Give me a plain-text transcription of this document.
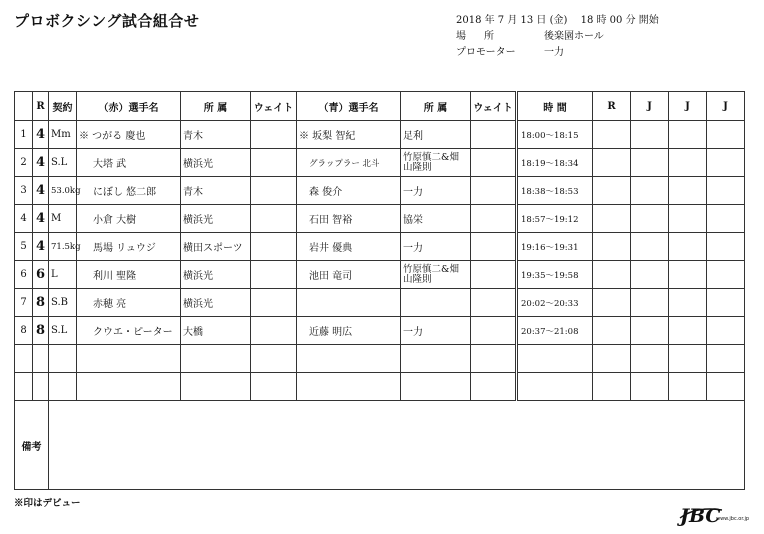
プロボクシング試合組合せ	2018 年 7 月 13 日 (金)　 18 時 00 分 開始
場所	後楽園ホール
プロモーター	一力
	R	契約	（赤）選手名	所 属	ウェイト	（青）選手名	所 属	ウェイト	時 間	R	J	J	J
1	4	Mm	※ つがる 慶也	青木		※ 坂梨 智紀	足利		18:00〜18:15				
2	4	S.L	大塔 武	横浜光		グラップラー 北斗	竹原慎二&畑山隆則		18:19〜18:34				
3	4	53.0kg	にぼし 悠二郎	青木		森 俊介	一力		18:38〜18:53				
4	4	M	小倉 大樹	横浜光		石田 智裕	協栄		18:57〜19:12				
5	4	71.5kg	馬場 リュウジ	横田スポーツ		岩井 優典	一力		19:16〜19:31				
6	6	L	利川 聖隆	横浜光		池田 竜司	竹原慎二&畑山隆則		19:35〜19:58				
7	8	S.B	赤穂 亮	横浜光					20:02〜20:33				
8	8	S.L	クウエ・ピーター	大橋		近藤 明広	一力		20:37〜21:08				

備考													
※印はデビュー
JBC
www.jbc.or.jp
